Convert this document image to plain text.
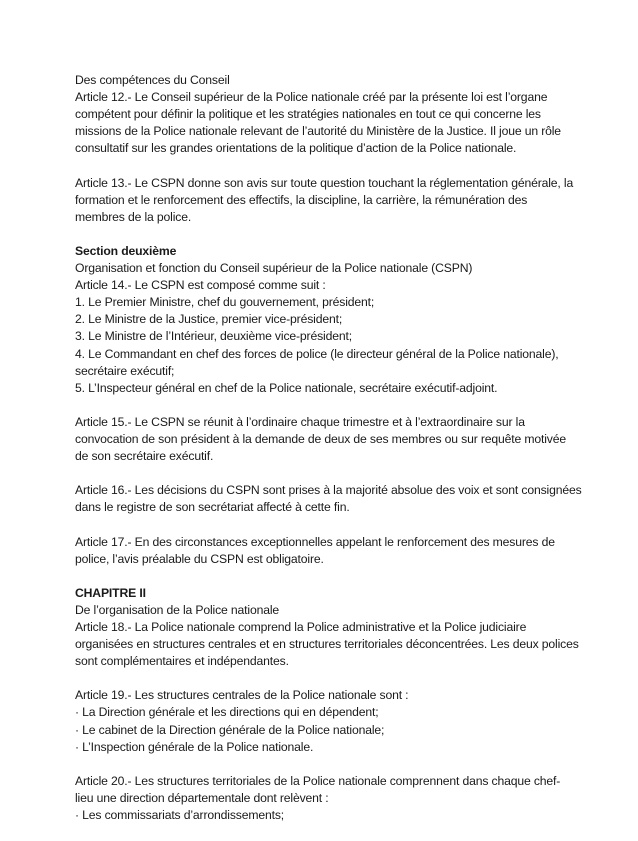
Des compétences du Conseil
Article 12.- Le Conseil supérieur de la Police nationale créé par la présente loi est l’organe
compétent pour définir la politique et les stratégies nationales en tout ce qui concerne les
missions de la Police nationale relevant de l’autorité du Ministère de la Justice. Il joue un rôle
consultatif sur les grandes orientations de la politique d’action de la Police nationale.
Article 13.- Le CSPN donne son avis sur toute question touchant la réglementation générale, la
formation et le renforcement des effectifs, la discipline, la carrière, la rémunération des
membres de la police.
Section deuxième
Organisation et fonction du Conseil supérieur de la Police nationale (CSPN)
Article 14.- Le CSPN est composé comme suit :
1. Le Premier Ministre, chef du gouvernement, président;
2. Le Ministre de la Justice, premier vice-président;
3. Le Ministre de l’Intérieur, deuxième vice-président;
4. Le Commandant en chef des forces de police (le directeur général de la Police nationale),
secrétaire exécutif;
5. L’Inspecteur général en chef de la Police nationale, secrétaire exécutif-adjoint.
Article 15.- Le CSPN se réunit à l’ordinaire chaque trimestre et à l’extraordinaire sur la
convocation de son président à la demande de deux de ses membres ou sur requête motivée
de son secrétaire exécutif.
Article 16.- Les décisions du CSPN sont prises à la majorité absolue des voix et sont consignées
dans le registre de son secrétariat affecté à cette fin.
Article 17.- En des circonstances exceptionnelles appelant le renforcement des mesures de
police, l’avis préalable du CSPN est obligatoire.
CHAPITRE II
De l’organisation de la Police nationale
Article 18.- La Police nationale comprend la Police administrative et la Police judiciaire
organisées en structures centrales et en structures territoriales déconcentrées. Les deux polices
sont complémentaires et indépendantes.
Article 19.- Les structures centrales de la Police nationale sont :
· La Direction générale et les directions qui en dépendent;
· Le cabinet de la Direction générale de la Police nationale;
· L’Inspection générale de la Police nationale.
Article 20.- Les structures territoriales de la Police nationale comprennent dans chaque chef-
lieu une direction départementale dont relèvent :
· Les commissariats d’arrondissements;
